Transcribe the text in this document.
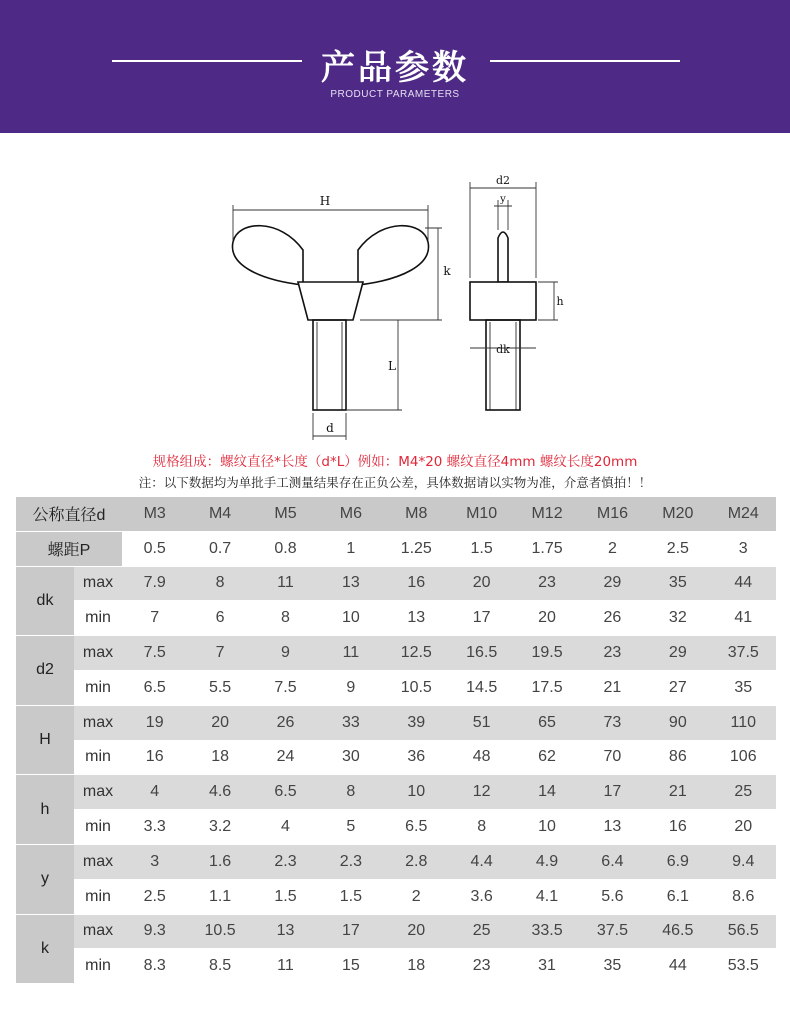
产品参数
PRODUCT PARAMETERS
H
k
L
d
d2
y
h
dk
规格组成：螺纹直径*长度（d*L）例如：M4*20 螺纹直径4mm 螺纹长度20mm
注：以下数据均为单批手工测量结果存在正负公差，具体数据请以实物为准，介意者慎拍！！
公称直径d		M3	M4	M5	M6	M8	M10	M12	M16	M20	M24
螺距P		0.5	0.7	0.8	1	1.25	1.5	1.75	2	2.5	3
dk	max	7.9	8	11	13	16	20	23	29	35	44
	min	7	6	8	10	13	17	20	26	32	41
d2	max	7.5	7	9	11	12.5	16.5	19.5	23	29	37.5
	min	6.5	5.5	7.5	9	10.5	14.5	17.5	21	27	35
H	max	19	20	26	33	39	51	65	73	90	110
	min	16	18	24	30	36	48	62	70	86	106
h	max	4	4.6	6.5	8	10	12	14	17	21	25
	min	3.3	3.2	4	5	6.5	8	10	13	16	20
y	max	3	1.6	2.3	2.3	2.8	4.4	4.9	6.4	6.9	9.4
	min	2.5	1.1	1.5	1.5	2	3.6	4.1	5.6	6.1	8.6
k	max	9.3	10.5	13	17	20	25	33.5	37.5	46.5	56.5
	min	8.3	8.5	11	15	18	23	31	35	44	53.5
